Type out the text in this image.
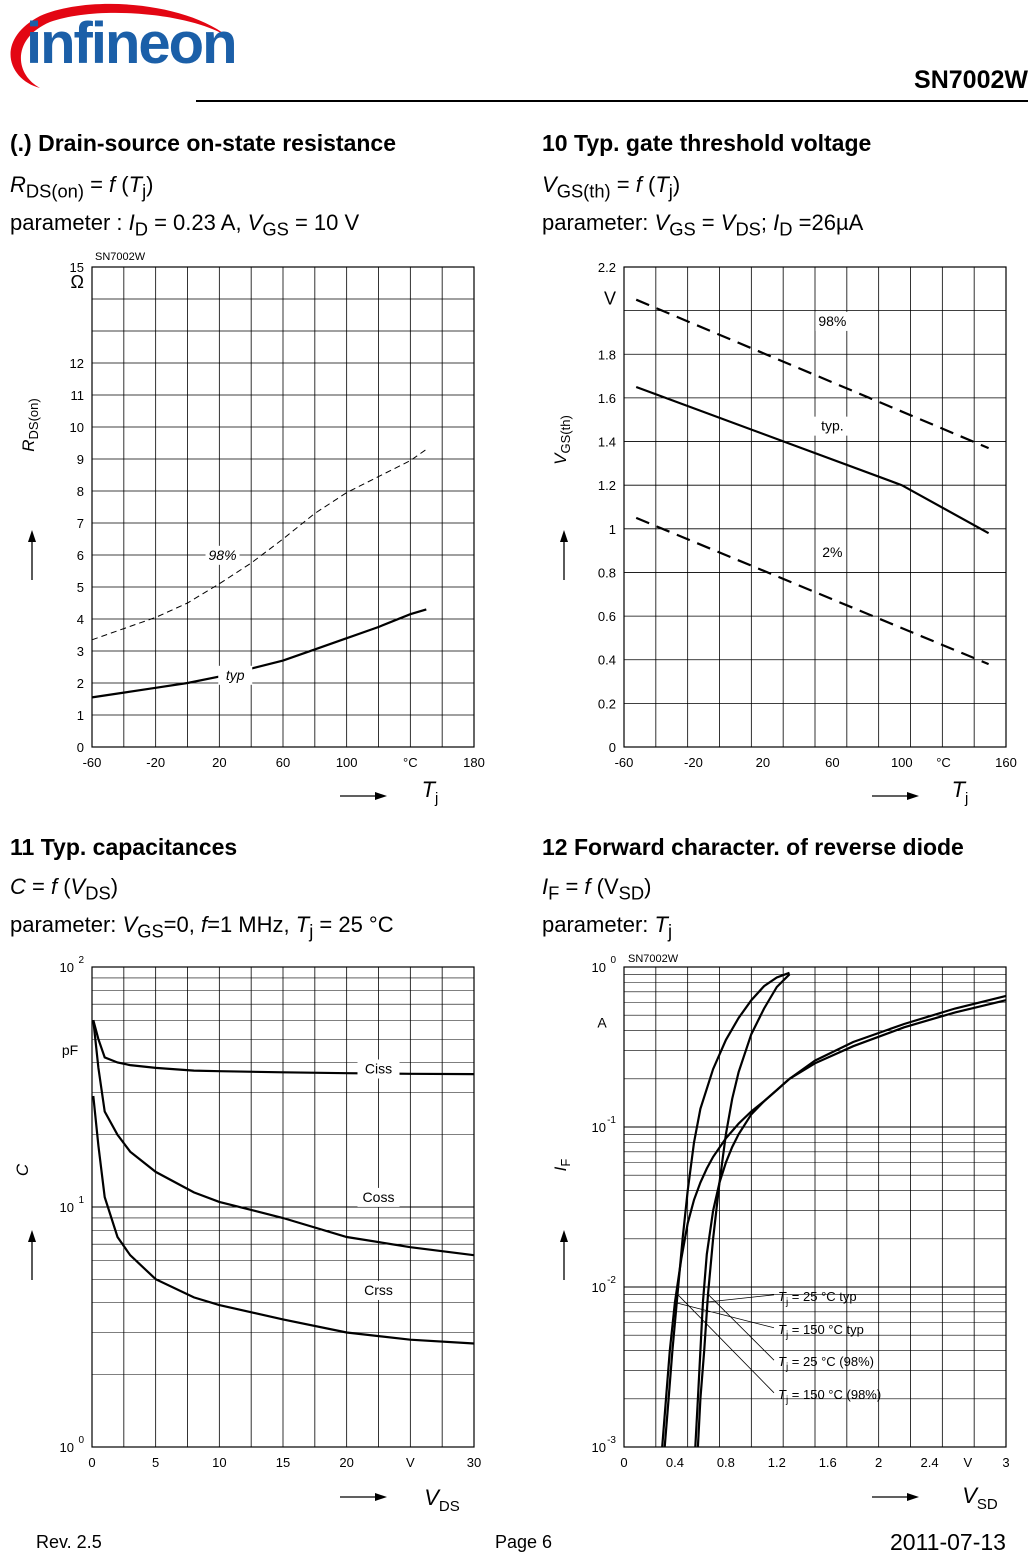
infineon
SN7002W
(.) Drain-source on-state resistance
$R_{DS(on)} = f$ $(T_j)$
parameter : $I_D = 0.23$ A, $V_{GS} = 10$ V
10 Typ. gate threshold voltage
$V_{GS(th)} = f$ $(T_j)$
parameter: $V_{GS} = V_{DS}$; $I_D =26\mu A$
11 Typ. capacitances
C = f $(V_{DS})$
parameter: $V_{GS}=0$, f=1 MHz, $T_j = 25$ °C
12 Forward character. of reverse diode
$I_F = f$ $(V_{SD})$
parameter: $T_j$
-60	-20	20	60	100	°C	180
0
1
2
3
4
5
6
7
8
9
10
11
12
Ω
15
SN7002W
$T_j$
$R_{DS(on)}$
typ
98%
-60	-20	20	60	100 °C	160
0
0.2
0.4
0.6
0.8
1
1.2
1.4
1.6
1.8
V
2.2
$T_j$
$V_{GS(th)}$
98%
typ.
2%
0	5	10	15	20	V	30
10 0
10 1
10 2
pF
$V_{DS}$
C
Ciss
Coss
Crss
0	0.4	0.8	1.2	1.6	2	2.4 V 3
10 -3
10 -2
10 -1
10 0
A
SN7002W
$V_{SD}$
$I_F$
$T_j = 25$ °C typ
$T_j = 150$ °C typ
$T_j = 25$ °C (98%)
$T_j = 150$ °C (98%)
Rev. 2.5	Page 6	2011-07-13
